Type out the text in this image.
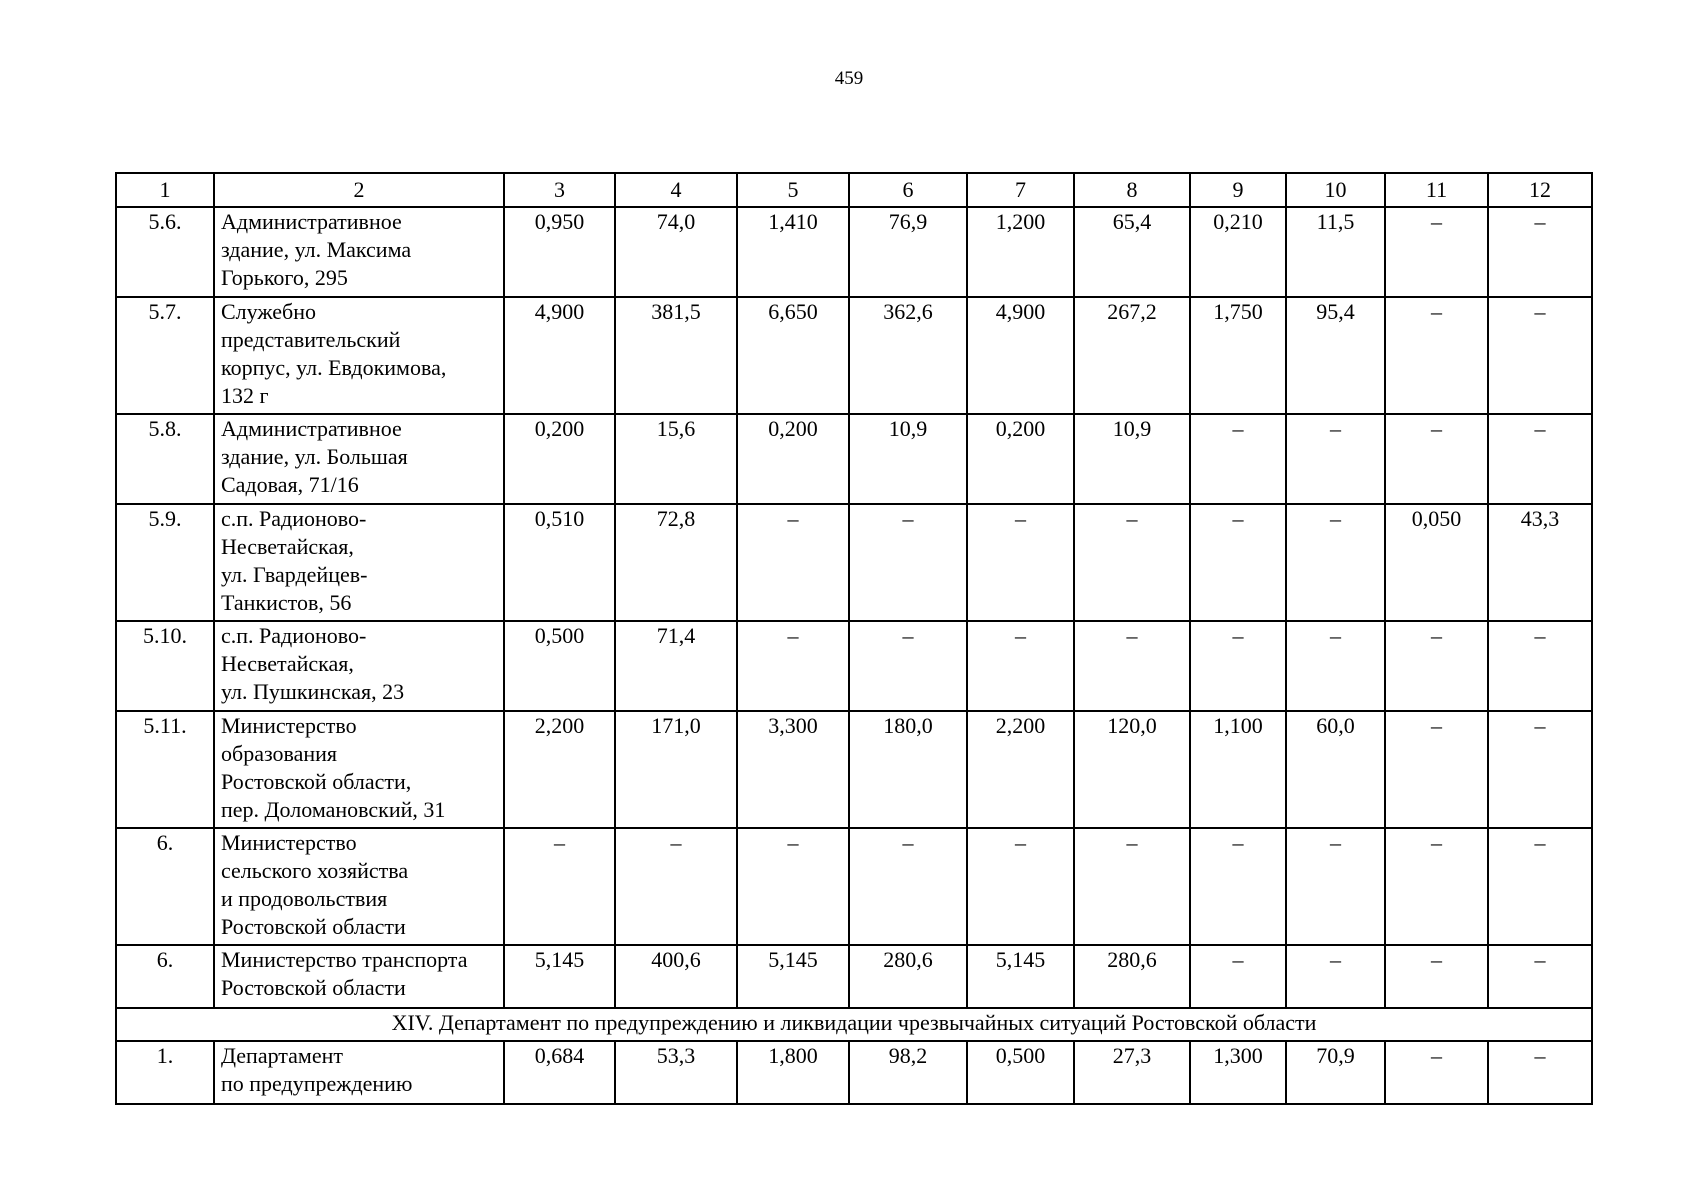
459
1	2	3	4	5	6	7	8	9	10	11	12
5.6.	Административное
здание, ул. Максима
Горького, 295	0,950	74,0	1,410	76,9	1,200	65,4	0,210	11,5	–	–
5.7.	Служебно
представительский
корпус, ул. Евдокимова,
132 г	4,900	381,5	6,650	362,6	4,900	267,2	1,750	95,4	–	–
5.8.	Административное
здание, ул. Большая
Садовая, 71/16	0,200	15,6	0,200	10,9	0,200	10,9	–	–	–	–
5.9.	с.п. Радионово-
Несветайская,
ул. Гвардейцев-
Танкистов, 56	0,510	72,8	–	–	–	–	–	–	0,050	43,3
5.10.	с.п. Радионово-
Несветайская,
ул. Пушкинская, 23	0,500	71,4	–	–	–	–	–	–	–	–
5.11.	Министерство
образования
Ростовской области,
пер. Доломановский, 31	2,200	171,0	3,300	180,0	2,200	120,0	1,100	60,0	–	–
6.	Министерство
сельского хозяйства
и продовольствия
Ростовской области	–	–	–	–	–	–	–	–	–	–
6.	Министерство транспорта
Ростовской области	5,145	400,6	5,145	280,6	5,145	280,6	–	–	–	–
XIV. Департамент по предупреждению и ликвидации чрезвычайных ситуаций Ростовской области											
1.	Департамент
по предупреждению	0,684	53,3	1,800	98,2	0,500	27,3	1,300	70,9	–	–
